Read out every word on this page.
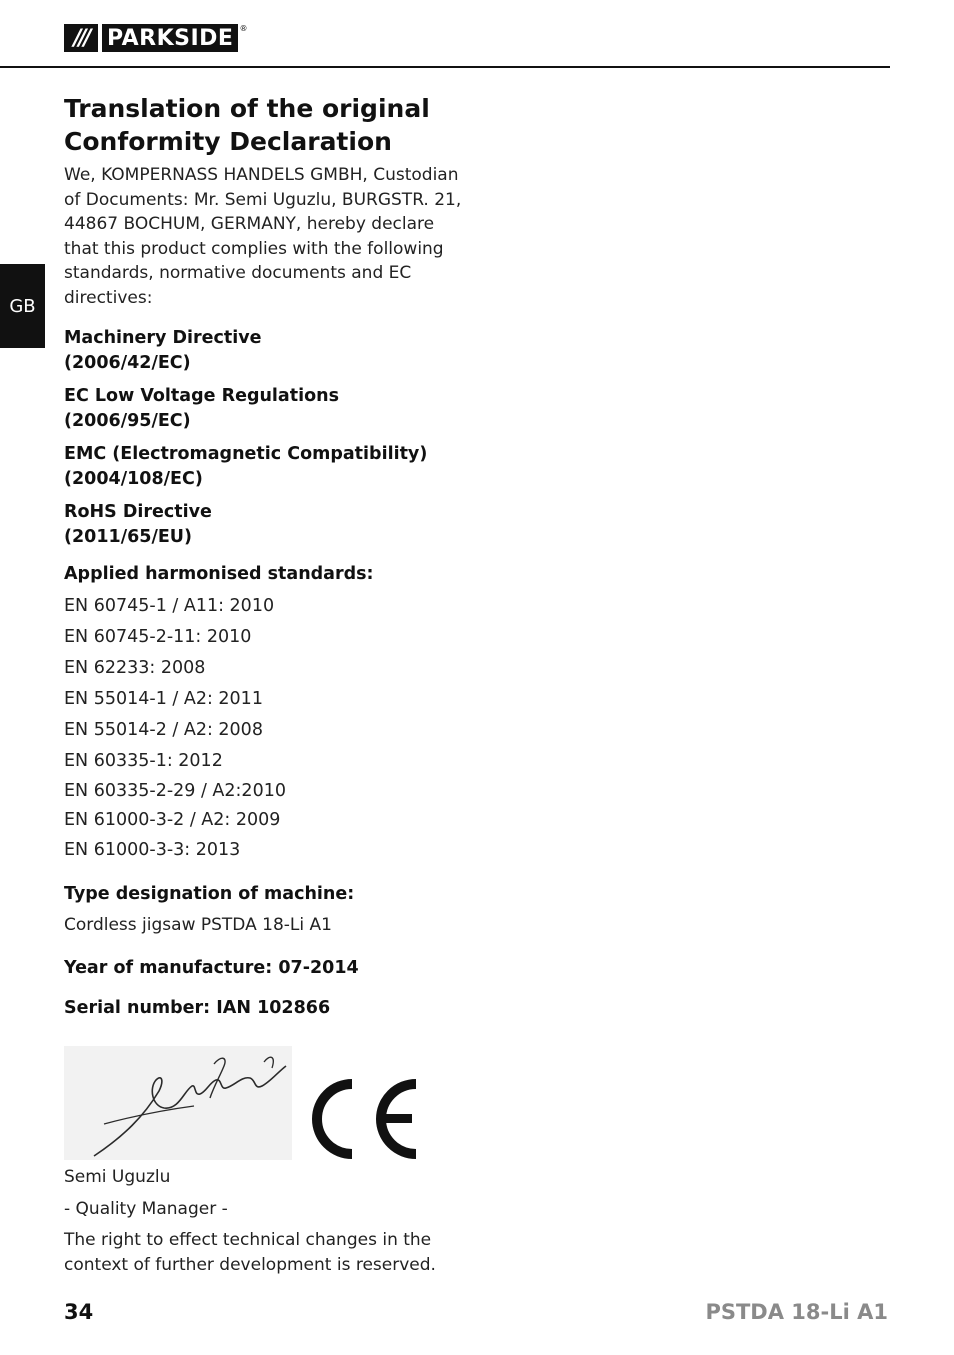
/// PARKSIDE ®
GB
Translation of the original
Conformity Declaration
We, KOMPERNASS HANDELS GMBH, Custodian of Documents: Mr. Semi Uguzlu, BURGSTR. 21, 44867 BOCHUM, GERMANY, hereby declare that this product complies with the following standards, normative documents and EC directives:
Machinery Directive
(2006/42/EC)
EC Low Voltage Regulations
(2006/95/EC)
EMC (Electromagnetic Compatibility)
(2004/108/EC)
RoHS Directive
(2011/65/EU)
Applied harmonised standards:
EN 60745-1 / A11: 2010
EN 60745-2-11: 2010
EN 62233: 2008
EN 55014-1 / A2: 2011
EN 55014-2 / A2: 2008
EN 60335-1: 2012
EN 60335-2-29 / A2:2010
EN 61000-3-2 / A2: 2009
EN 61000-3-3: 2013
Type designation of machine:
Cordless jigsaw PSTDA 18-Li A1
Year of manufacture: 07-2014
Serial number: IAN 102866
Semi Uguzlu
- Quality Manager -
The right to effect technical changes in the context of further development is reserved.
34	PSTDA 18-Li A1
